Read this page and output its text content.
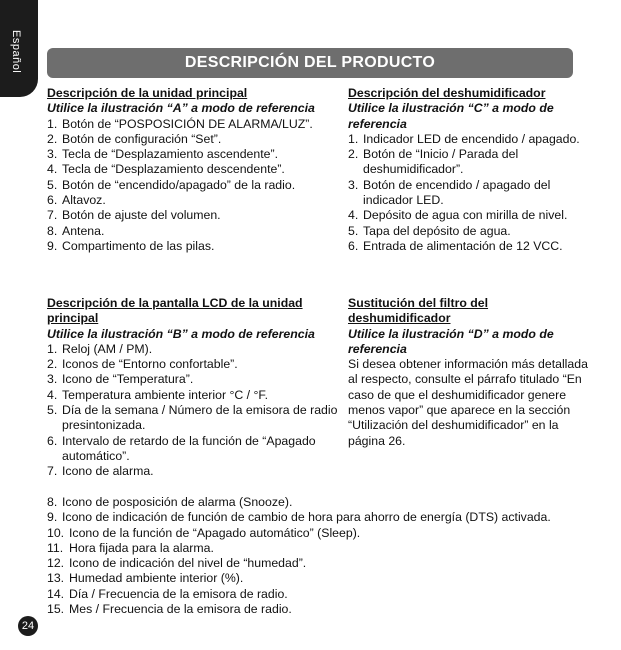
Español	DESCRIPCIÓN DEL PRODUCTO
Descripción de la unidad principal
Utilice la ilustración “A” a modo de referencia
1. Botón de “POSPOSICIÓN DE ALARMA/LUZ”.
2. Botón de configuración “Set”.
3. Tecla de “Desplazamiento ascendente”.
4. Tecla de “Desplazamiento descendente”.
5. Botón de “encendido/apagado” de la radio.
6. Altavoz.
7. Botón de ajuste del volumen.
8. Antena.
9. Compartimento de las pilas.
Descripción del deshumidificador
Utilice la ilustración “C” a modo de referencia
1. Indicador LED de encendido / apagado.
2. Botón de “Inicio / Parada del deshumidificador”.
3. Botón de encendido / apagado del indicador LED.
4. Depósito de agua con mirilla de nivel.
5. Tapa del depósito de agua.
6. Entrada de alimentación de 12 VCC.
Descripción de la pantalla LCD de la unidad principal
Utilice la ilustración “B” a modo de referencia
1. Reloj (AM / PM).
2. Iconos de “Entorno confortable”.
3. Icono de “Temperatura”.
4. Temperatura ambiente interior °C / °F.
5. Día de la semana / Número de la emisora de radio presintonizada.
6. Intervalo de retardo de la función de “Apagado automático”.
7. Icono de alarma.
8. Icono de posposición de alarma (Snooze).
9. Icono de indicación de función de cambio de hora para ahorro de energía (DTS) activada.
10. Icono de la función de “Apagado automático” (Sleep).
11. Hora fijada para la alarma.
12. Icono de indicación del nivel de “humedad”.
13. Humedad ambiente interior (%).
14. Día / Frecuencia de la emisora de radio.
15. Mes / Frecuencia de la emisora de radio.
Sustitución del filtro del deshumidificador
Utilice la ilustración “D” a modo de referencia

Si desea obtener información más detallada al respecto, consulte el párrafo titulado “En caso de que el deshumidificador genere menos vapor” que aparece en la sección “Utilización del deshumidificador” en la página 26.

24
